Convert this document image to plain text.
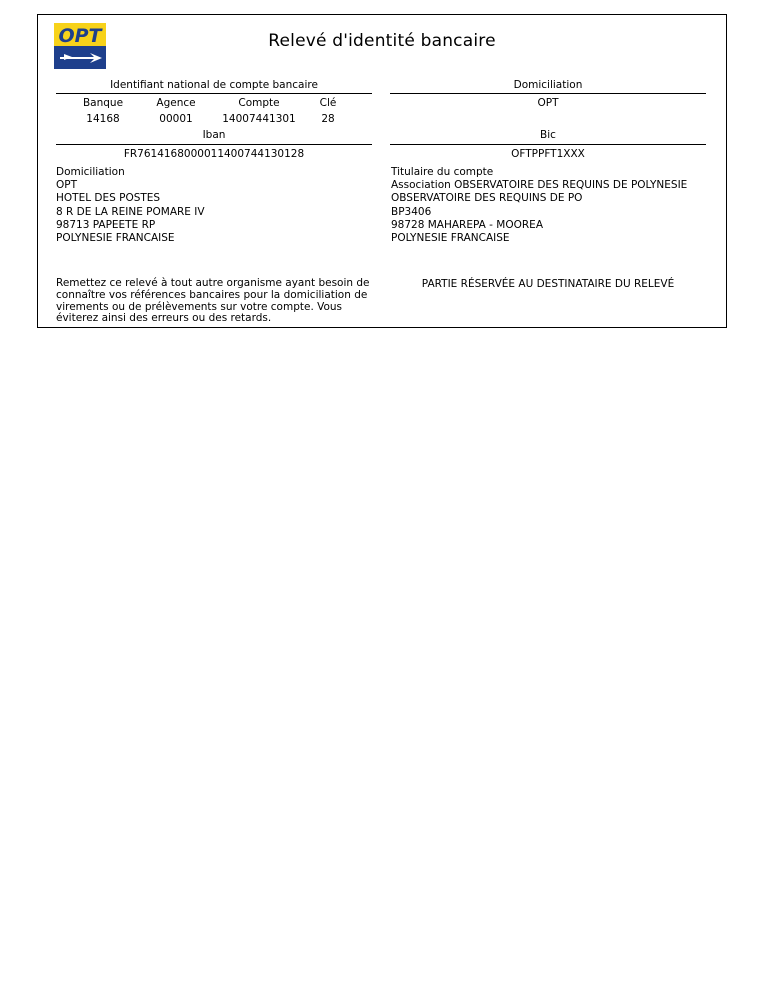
OPT	Relevé d'identité bancaire
Identifiant national de compte bancaire
Banque	Agence	Compte	Clé
14168	00001	14007441301	28
Iban
FR7614168000011400744130128
Domiciliation
OPT
Bic
OFTPPFT1XXX
Domiciliation
OPT
HOTEL DES POSTES
8 R DE LA REINE POMARE IV
98713 PAPEETE RP
POLYNESIE FRANCAISE
Titulaire du compte
Association OBSERVATOIRE DES REQUINS DE POLYNESIE
OBSERVATOIRE DES REQUINS DE PO
BP3406
98728 MAHAREPA - MOOREA
POLYNESIE FRANCAISE
Remettez ce relevé à tout autre organisme ayant besoin de connaître vos références bancaires pour la domiciliation de virements ou de prélèvements sur votre compte. Vous éviterez ainsi des erreurs ou des retards.
PARTIE RÉSERVÉE AU DESTINATAIRE DU RELEVÉ
